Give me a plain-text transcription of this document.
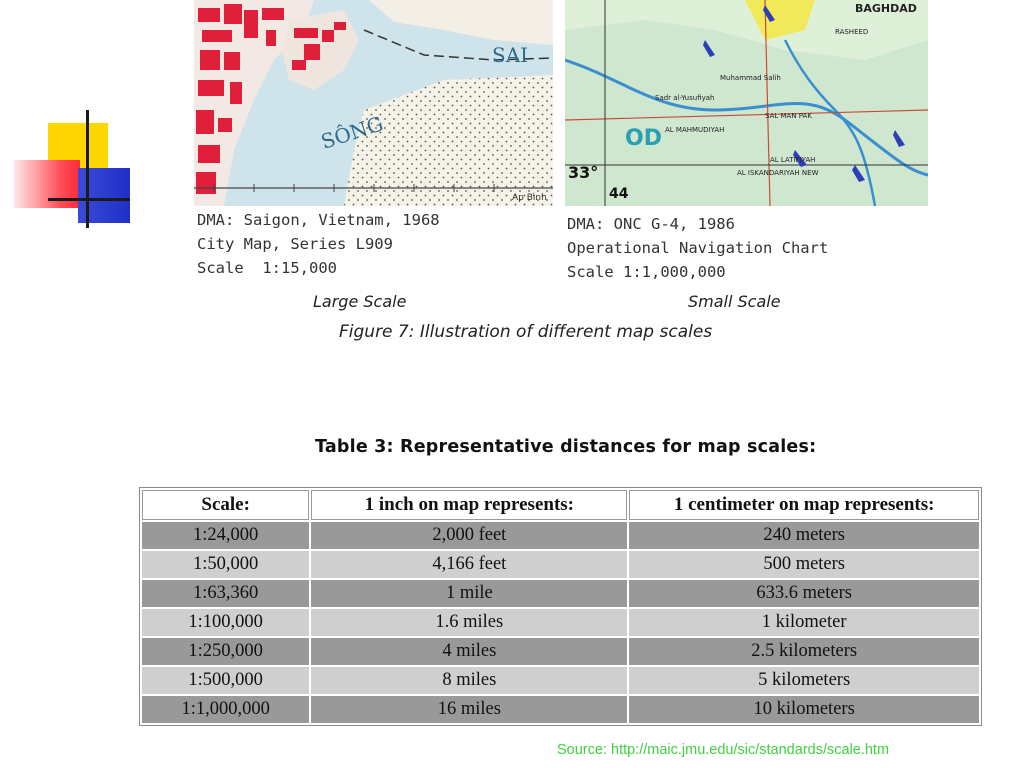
SÔNG
SAI
Ap Bình
BAGHDAD
RASHEED
Muhammad Salih
Sadr al-Yusufiyah
AL MAHMUDIYAH
SAL MAN PAK
AL LATIFIYAH
AL ISKANDARIYAH NEW
OD
33°
44
DMA: Saigon, Vietnam, 1968
City Map, Series L909
Scale  1:15,000
DMA: ONC G-4, 1986
Operational Navigation Chart
Scale 1:1,000,000
Large Scale	Small Scale
Figure 7: Illustration of different map scales
Table 3: Representative distances for map scales:
Scale:	1 inch on map represents:	1 centimeter on map represents:
1:24,000	2,000 feet	240 meters
1:50,000	4,166 feet	500 meters
1:63,360	1 mile	633.6 meters
1:100,000	1.6 miles	1 kilometer
1:250,000	4 miles	2.5 kilometers
1:500,000	8 miles	5 kilometers
1:1,000,000	16 miles	10 kilometers
Source: http://maic.jmu.edu/sic/standards/scale.htm
